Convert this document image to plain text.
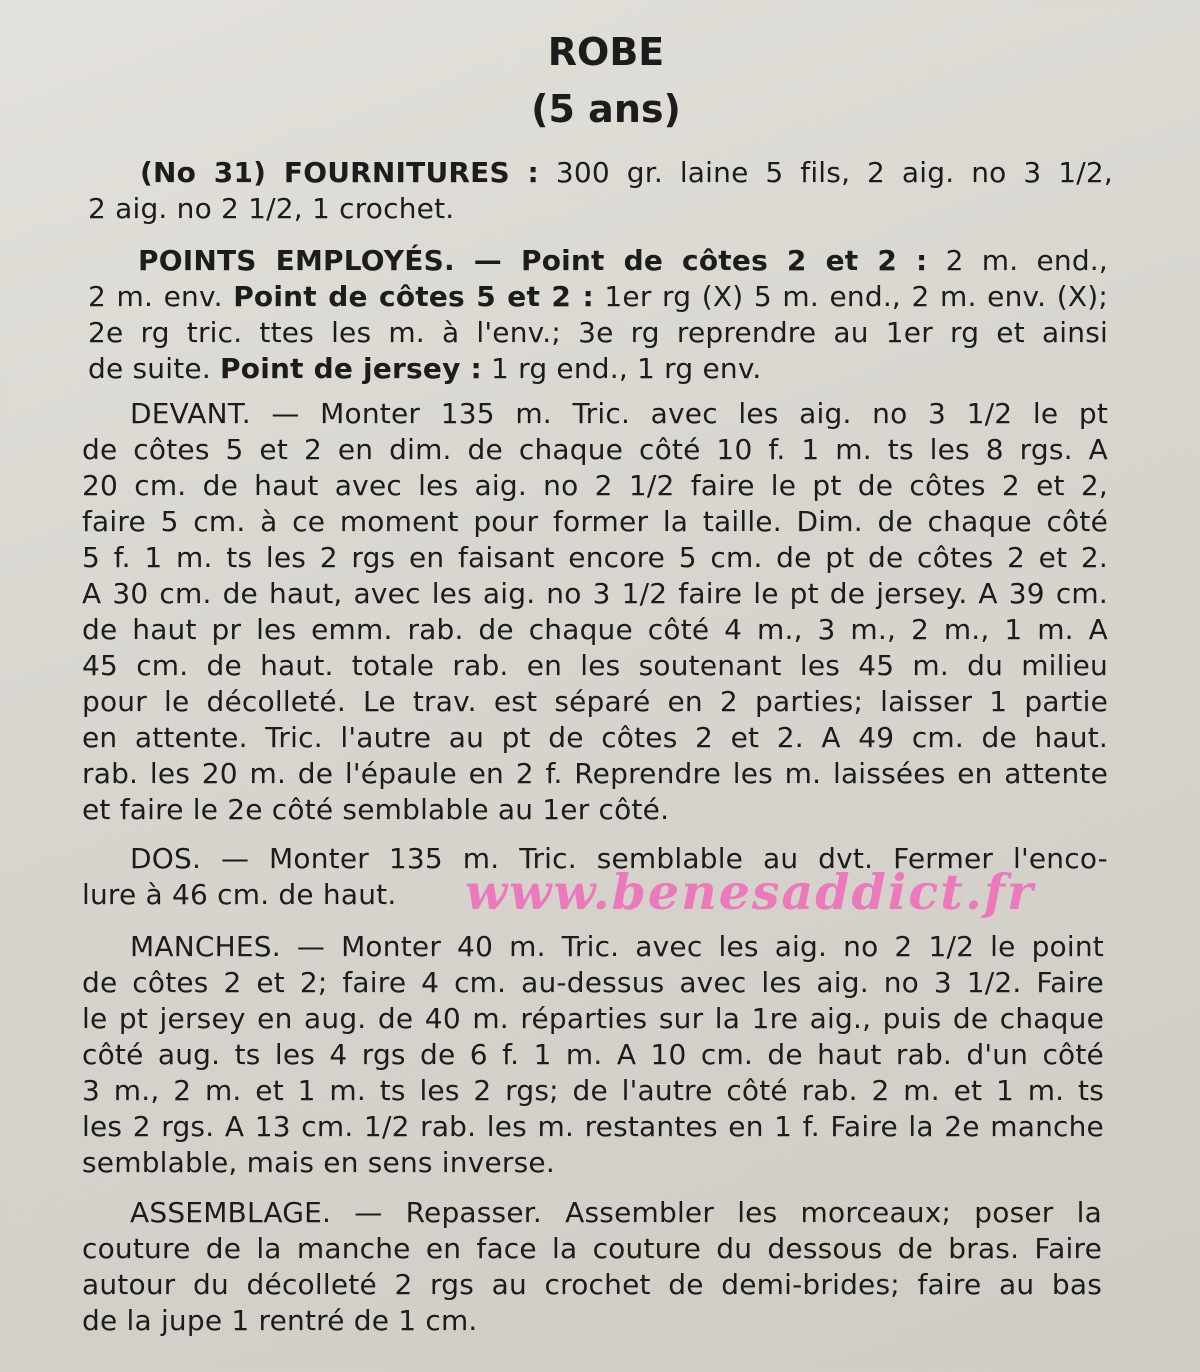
ROBE
(5 ans)
(No 31) FOURNITURES : 300 gr. laine 5 fils, 2 aig. no 3 1/2,
2 aig. no 2 1/2, 1 crochet.
POINTS EMPLOYÉS. — Point de côtes 2 et 2 : 2 m. end.,
2 m. env. Point de côtes 5 et 2 : 1er rg (X) 5 m. end., 2 m. env. (X);
2e rg tric. ttes les m. à l'env.; 3e rg reprendre au 1er rg et ainsi
de suite. Point de jersey : 1 rg end., 1 rg env.
DEVANT. — Monter 135 m. Tric. avec les aig. no 3 1/2 le pt
de côtes 5 et 2 en dim. de chaque côté 10 f. 1 m. ts les 8 rgs. A
20 cm. de haut avec les aig. no 2 1/2 faire le pt de côtes 2 et 2,
faire 5 cm. à ce moment pour former la taille. Dim. de chaque côté
5 f. 1 m. ts les 2 rgs en faisant encore 5 cm. de pt de côtes 2 et 2.
A 30 cm. de haut, avec les aig. no 3 1/2 faire le pt de jersey. A 39 cm.
de haut pr les emm. rab. de chaque côté 4 m., 3 m., 2 m., 1 m. A
45 cm. de haut. totale rab. en les soutenant les 45 m. du milieu
pour le décolleté. Le trav. est séparé en 2 parties; laisser 1 partie
en attente. Tric. l'autre au pt de côtes 2 et 2. A 49 cm. de haut.
rab. les 20 m. de l'épaule en 2 f. Reprendre les m. laissées en attente
et faire le 2e côté semblable au 1er côté.
DOS. — Monter 135 m. Tric. semblable au dvt. Fermer l'enco-
lure à 46 cm. de haut.
MANCHES. — Monter 40 m. Tric. avec les aig. no 2 1/2 le point
de côtes 2 et 2; faire 4 cm. au-dessus avec les aig. no 3 1/2. Faire
le pt jersey en aug. de 40 m. réparties sur la 1re aig., puis de chaque
côté aug. ts les 4 rgs de 6 f. 1 m. A 10 cm. de haut rab. d'un côté
3 m., 2 m. et 1 m. ts les 2 rgs; de l'autre côté rab. 2 m. et 1 m. ts
les 2 rgs. A 13 cm. 1/2 rab. les m. restantes en 1 f. Faire la 2e manche
semblable, mais en sens inverse.
ASSEMBLAGE. — Repasser. Assembler les morceaux; poser la
couture de la manche en face la couture du dessous de bras. Faire
autour du décolleté 2 rgs au crochet de demi-brides; faire au bas
de la jupe 1 rentré de 1 cm.
www.benesaddict.fr
